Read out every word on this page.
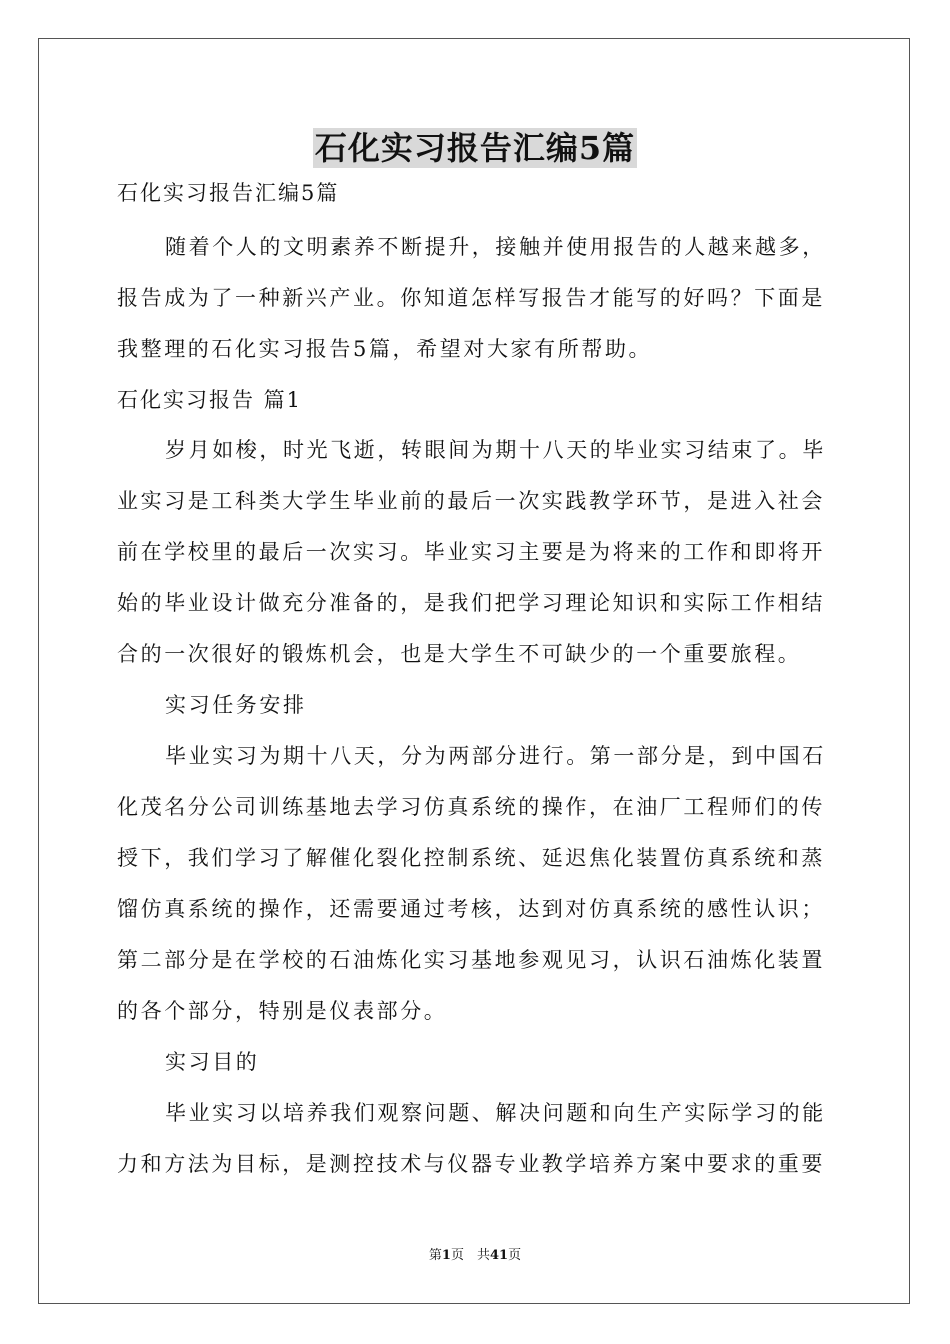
石化实习报告汇编5篇
石化实习报告汇编5篇
随着个人的文明素养不断提升，接触并使用报告的人越来越多，
报告成为了一种新兴产业。你知道怎样写报告才能写的好吗？下面是
我整理的石化实习报告5篇，希望对大家有所帮助。
石化实习报告 篇1
岁月如梭，时光飞逝，转眼间为期十八天的毕业实习结束了。毕
业实习是工科类大学生毕业前的最后一次实践教学环节，是进入社会
前在学校里的最后一次实习。毕业实习主要是为将来的工作和即将开
始的毕业设计做充分准备的，是我们把学习理论知识和实际工作相结
合的一次很好的锻炼机会，也是大学生不可缺少的一个重要旅程。
实习任务安排
毕业实习为期十八天，分为两部分进行。第一部分是，到中国石
化茂名分公司训练基地去学习仿真系统的操作，在油厂工程师们的传
授下，我们学习了解催化裂化控制系统、延迟焦化装置仿真系统和蒸
馏仿真系统的操作，还需要通过考核，达到对仿真系统的感性认识；
第二部分是在学校的石油炼化实习基地参观见习，认识石油炼化装置
的各个部分，特别是仪表部分。
实习目的
毕业实习以培养我们观察问题、解决问题和向生产实际学习的能
力和方法为目标，是测控技术与仪器专业教学培养方案中要求的重要
第1页　共41页
